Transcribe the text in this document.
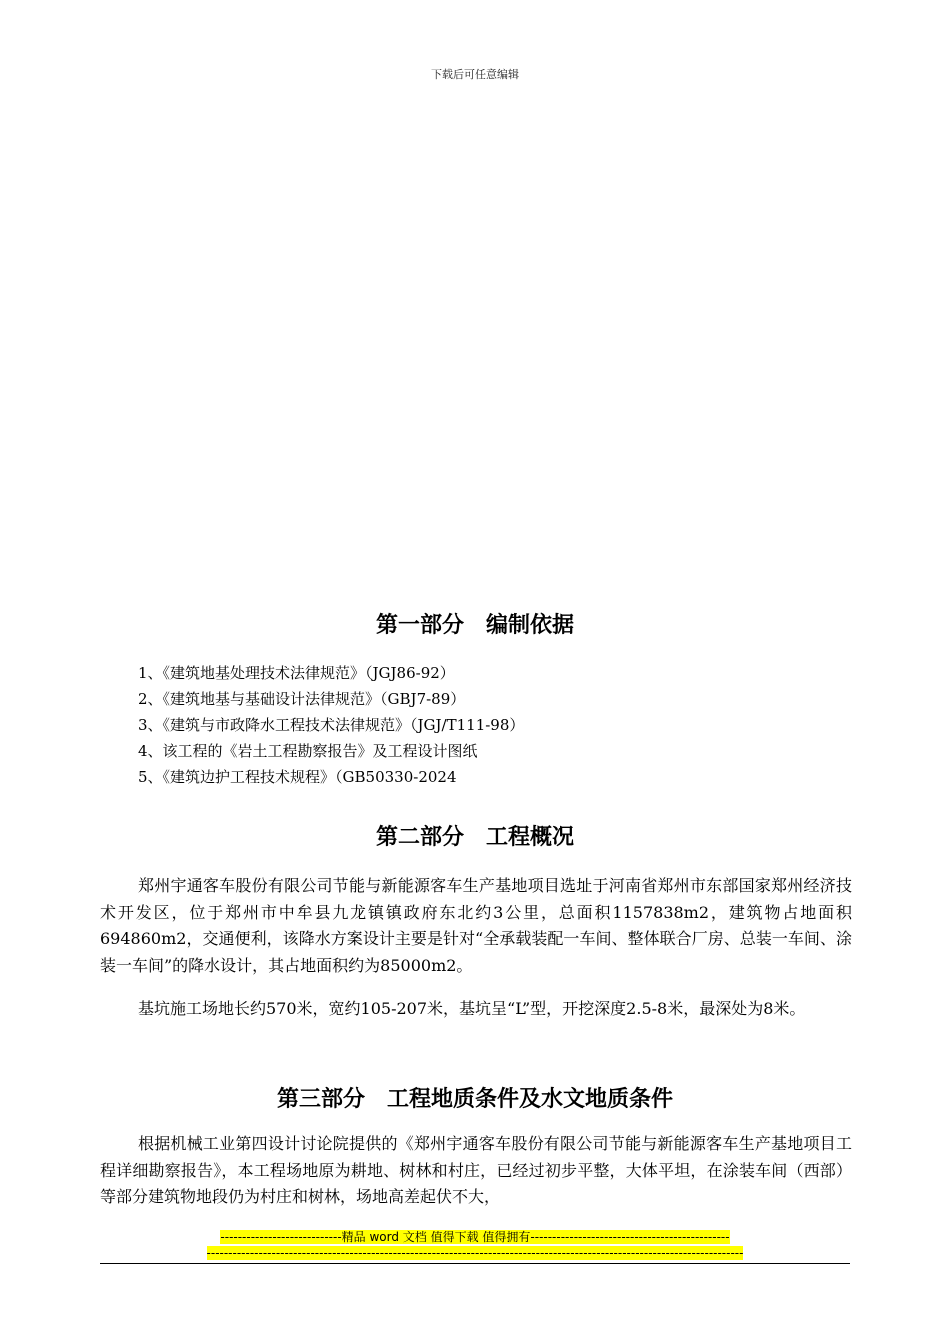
下载后可任意编辑
第一部分　编制依据
1、《建筑地基处理技术法律规范》（JGJ86-92）
2、《建筑地基与基础设计法律规范》（GBJ7-89）
3、《建筑与市政降水工程技术法律规范》（JGJ/T111-98）
4、该工程的《岩土工程勘察报告》及工程设计图纸
5、《建筑边护工程技术规程》（GB50330-2024
第二部分　工程概况

郑州宇通客车股份有限公司节能与新能源客车生产基地项目选址于河南省郑州市东部国家郑州经济技术开发区，位于郑州市中牟县九龙镇镇政府东北约3公里，总面积1157838m2，建筑物占地面积694860m2，交通便利，该降水方案设计主要是针对“全承载装配一车间、整体联合厂房、总装一车间、涂装一车间”的降水设计，其占地面积约为85000m2。

基坑施工场地长约570米，宽约105-207米，基坑呈“L”型，开挖深度2.5-8米，最深处为8米。

第三部分　工程地质条件及水文地质条件

根据机械工业第四设计讨论院提供的《郑州宇通客车股份有限公司节能与新能源客车生产基地项目工程详细勘察报告》，本工程场地原为耕地、树林和村庄，已经过初步平整，大体平坦，在涂装车间（西部）等部分建筑物地段仍为村庄和树林，场地高差起伏不大，

----------------------------精品 word 文档 值得下载 值得拥有----------------------------------------------
----------------------------------------------------------------------------------------------------------------------------
